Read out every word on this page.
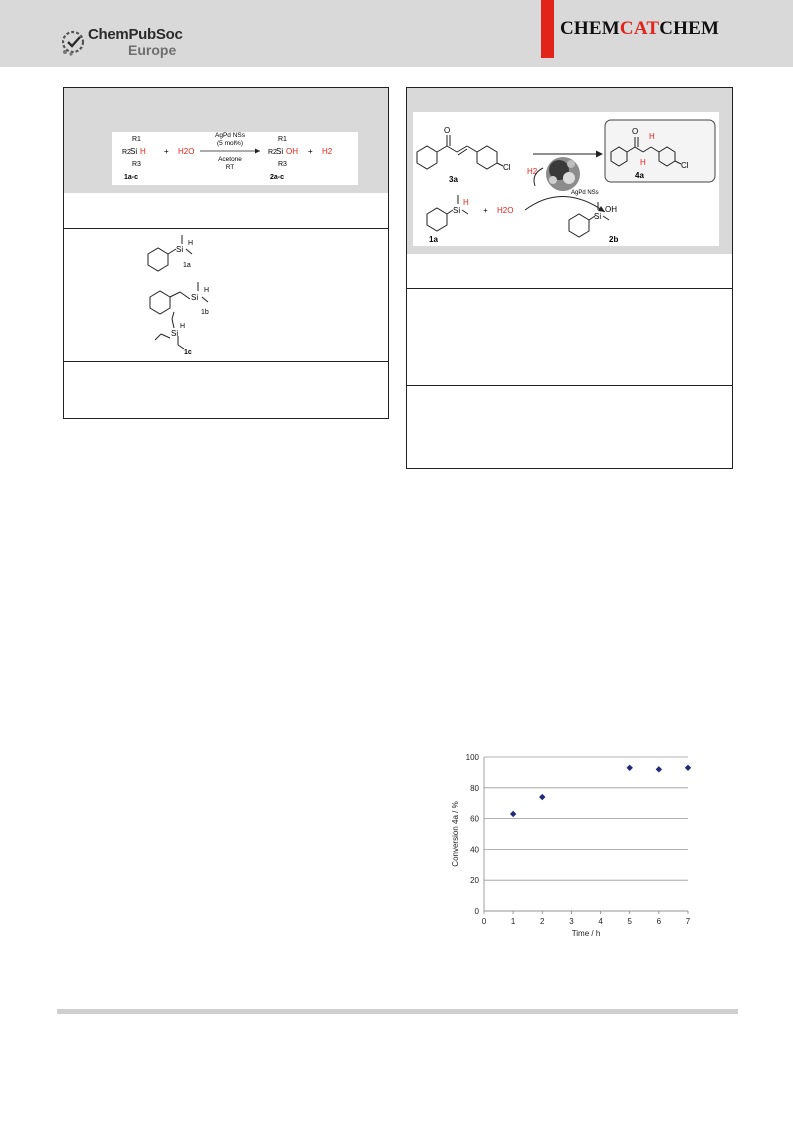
ChemPubSoc
Europe
CHEMCATCHEM
R2
R1
Si H
R3
1a-c
+ H2O
AgPd NSs
(5 mol%)
Acetone
RT
R2
R1
Si OH
R3
2a-c
+ H2
Si
H
1a
Si
H
1b
Si
H
1c
O
Cl
3a
O
H
H	Cl
4a
AgPd NSs
H2
Si
H
1a
+ H2O
Si
OH
2b
0
20
40
60
80
100
0	1	2	3	4	5	6	7
Time / h
Conversion 4a / %
